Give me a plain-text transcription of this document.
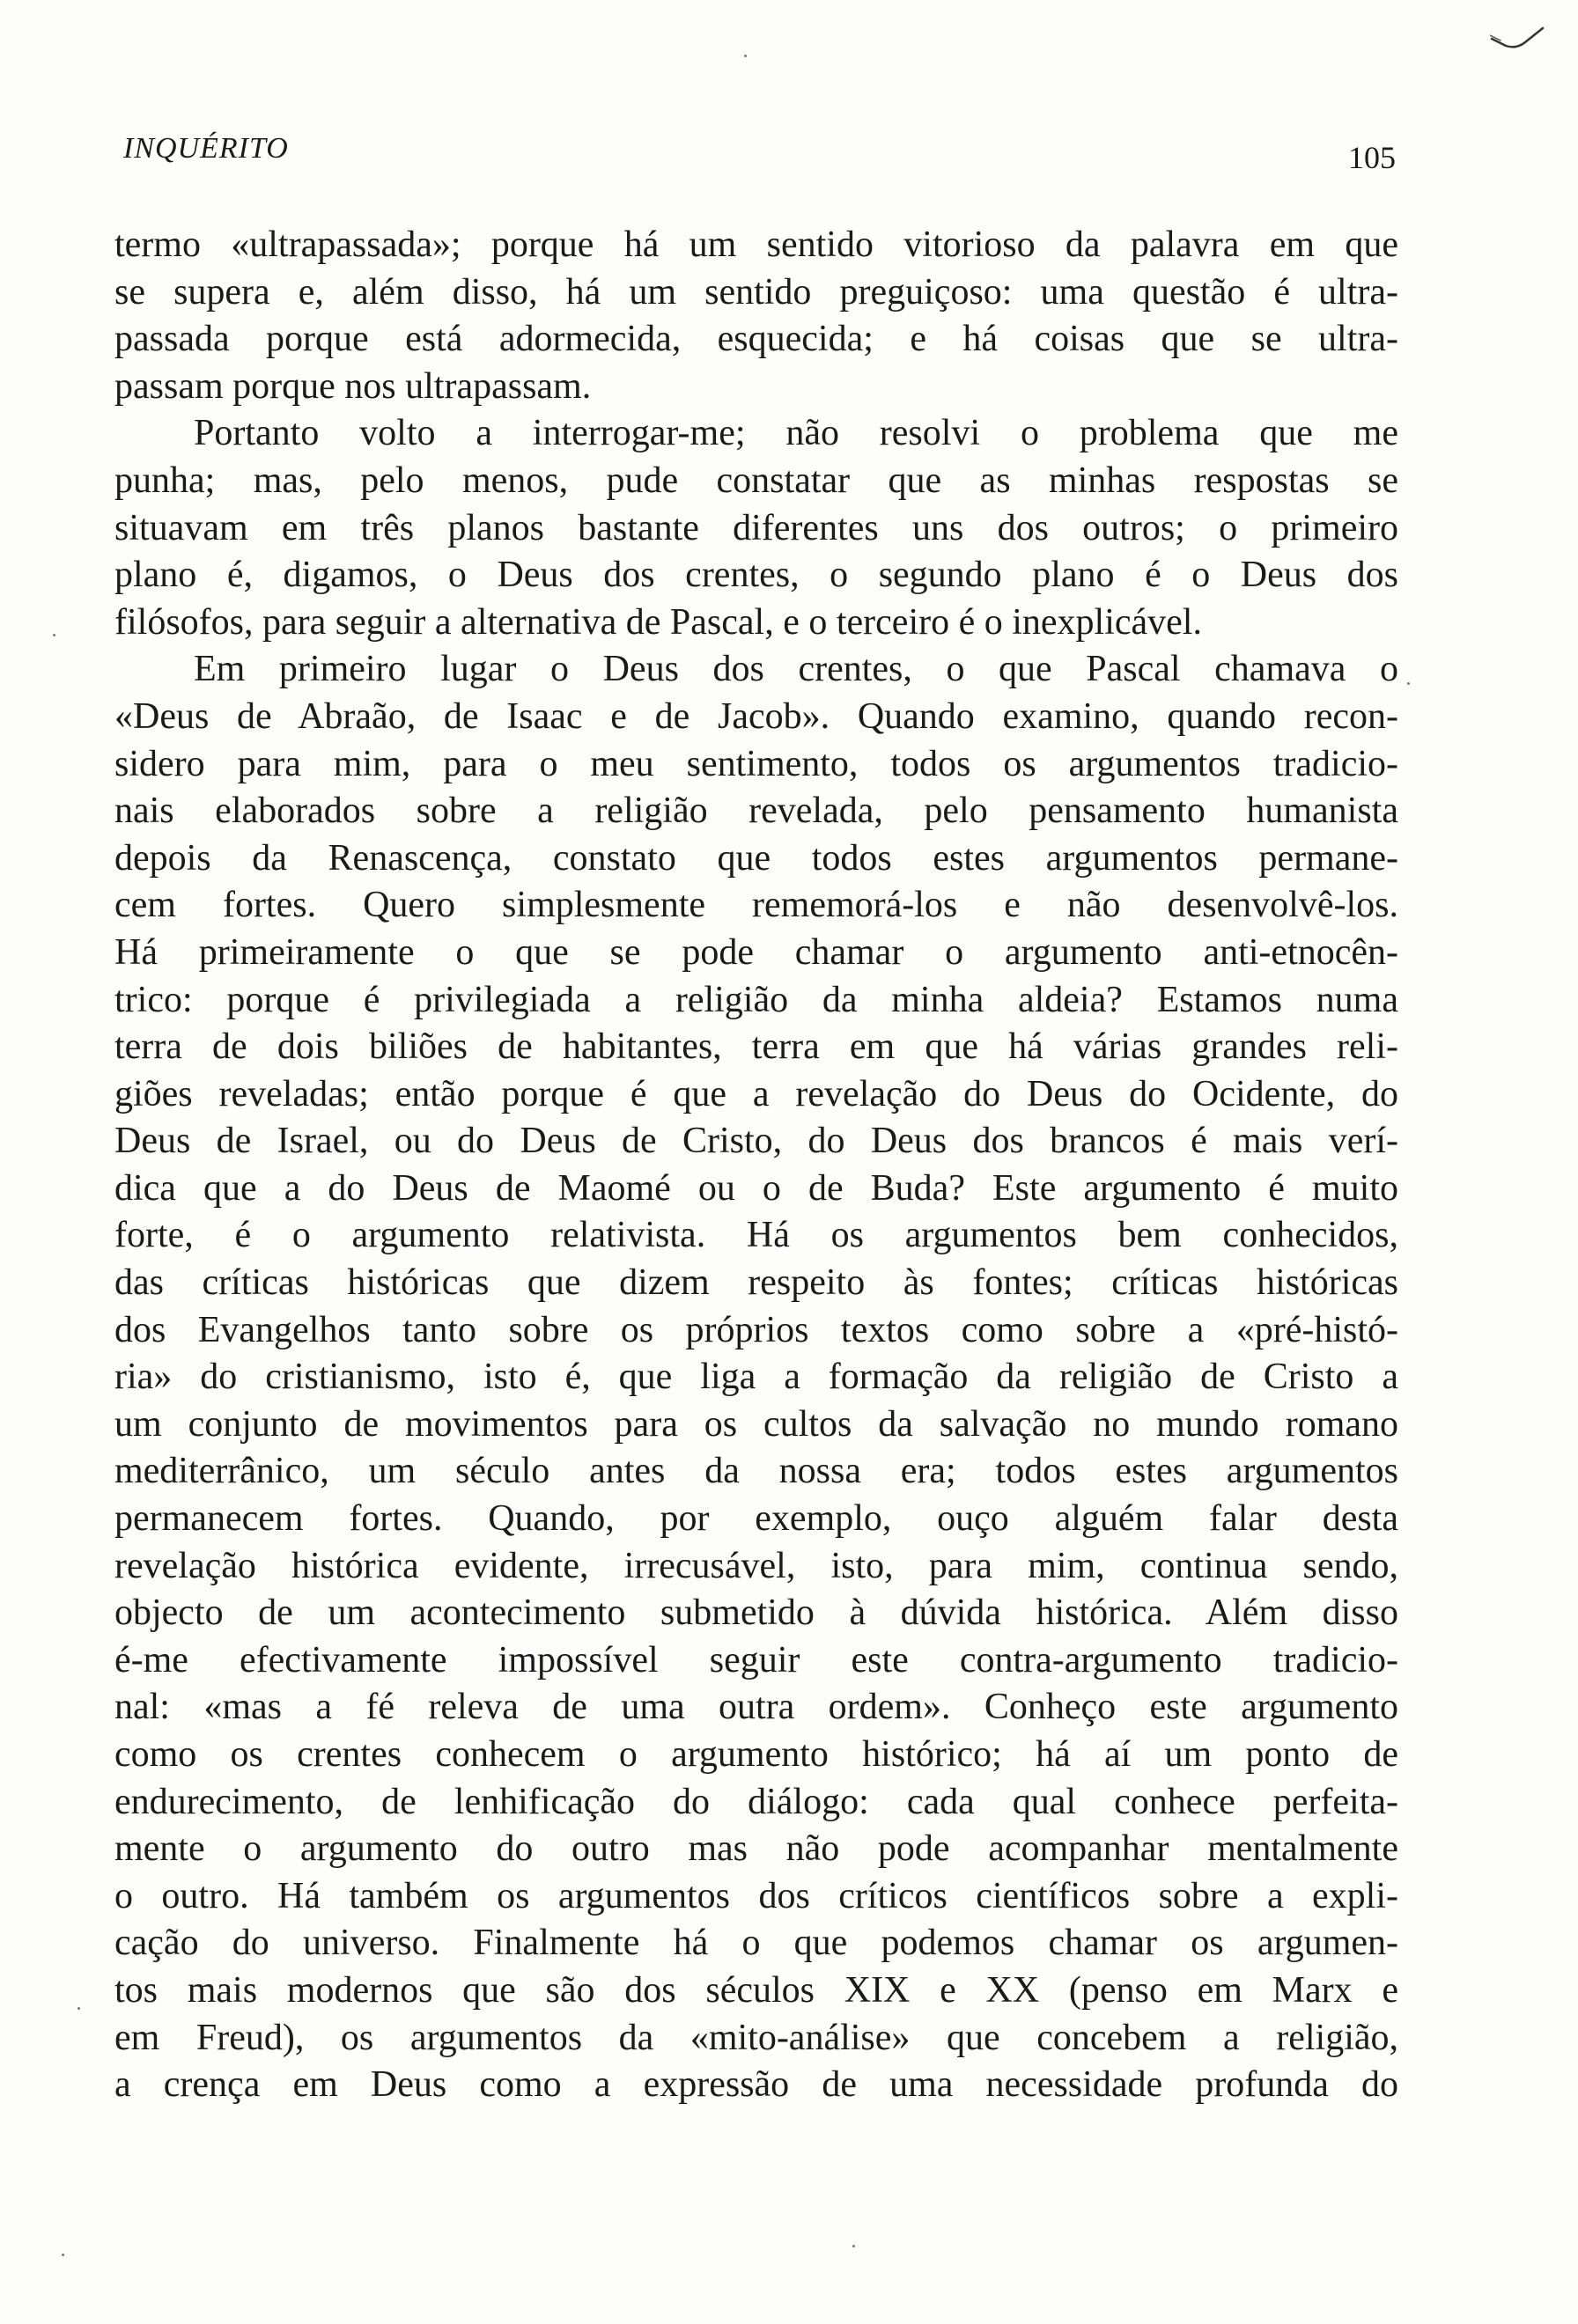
INQUÉRITO	105
termo «ultrapassada»; porque há um sentido vitorioso da palavra em que
se supera e, além disso, há um sentido preguiçoso: uma questão é ultra-
passada porque está adormecida, esquecida; e há coisas que se ultra-
passam porque nos ultrapassam.
Portanto volto a interrogar-me; não resolvi o problema que me
punha; mas, pelo menos, pude constatar que as minhas respostas se
situavam em três planos bastante diferentes uns dos outros; o primeiro
plano é, digamos, o Deus dos crentes, o segundo plano é o Deus dos
filósofos, para seguir a alternativa de Pascal, e o terceiro é o inexplicável.
Em primeiro lugar o Deus dos crentes, o que Pascal chamava o
«Deus de Abraão, de Isaac e de Jacob». Quando examino, quando recon-
sidero para mim, para o meu sentimento, todos os argumentos tradicio-
nais elaborados sobre a religião revelada, pelo pensamento humanista
depois da Renascença, constato que todos estes argumentos permane-
cem fortes. Quero simplesmente rememorá-los e não desenvolvê-los.
Há primeiramente o que se pode chamar o argumento anti-etnocên-
trico: porque é privilegiada a religião da minha aldeia? Estamos numa
terra de dois biliões de habitantes, terra em que há várias grandes reli-
giões reveladas; então porque é que a revelação do Deus do Ocidente, do
Deus de Israel, ou do Deus de Cristo, do Deus dos brancos é mais verí-
dica que a do Deus de Maomé ou o de Buda? Este argumento é muito
forte, é o argumento relativista. Há os argumentos bem conhecidos,
das críticas históricas que dizem respeito às fontes; críticas históricas
dos Evangelhos tanto sobre os próprios textos como sobre a «pré-histó-
ria» do cristianismo, isto é, que liga a formação da religião de Cristo a
um conjunto de movimentos para os cultos da salvação no mundo romano
mediterrânico, um século antes da nossa era; todos estes argumentos
permanecem fortes. Quando, por exemplo, ouço alguém falar desta
revelação histórica evidente, irrecusável, isto, para mim, continua sendo,
objecto de um acontecimento submetido à dúvida histórica. Além disso
é-me efectivamente impossível seguir este contra-argumento tradicio-
nal: «mas a fé releva de uma outra ordem». Conheço este argumento
como os crentes conhecem o argumento histórico; há aí um ponto de
endurecimento, de lenhificação do diálogo: cada qual conhece perfeita-
mente o argumento do outro mas não pode acompanhar mentalmente
o outro. Há também os argumentos dos críticos científicos sobre a expli-
cação do universo. Finalmente há o que podemos chamar os argumen-
tos mais modernos que são dos séculos XIX e XX (penso em Marx e
em Freud), os argumentos da «mito-análise» que concebem a religião,
a crença em Deus como a expressão de uma necessidade profunda do
